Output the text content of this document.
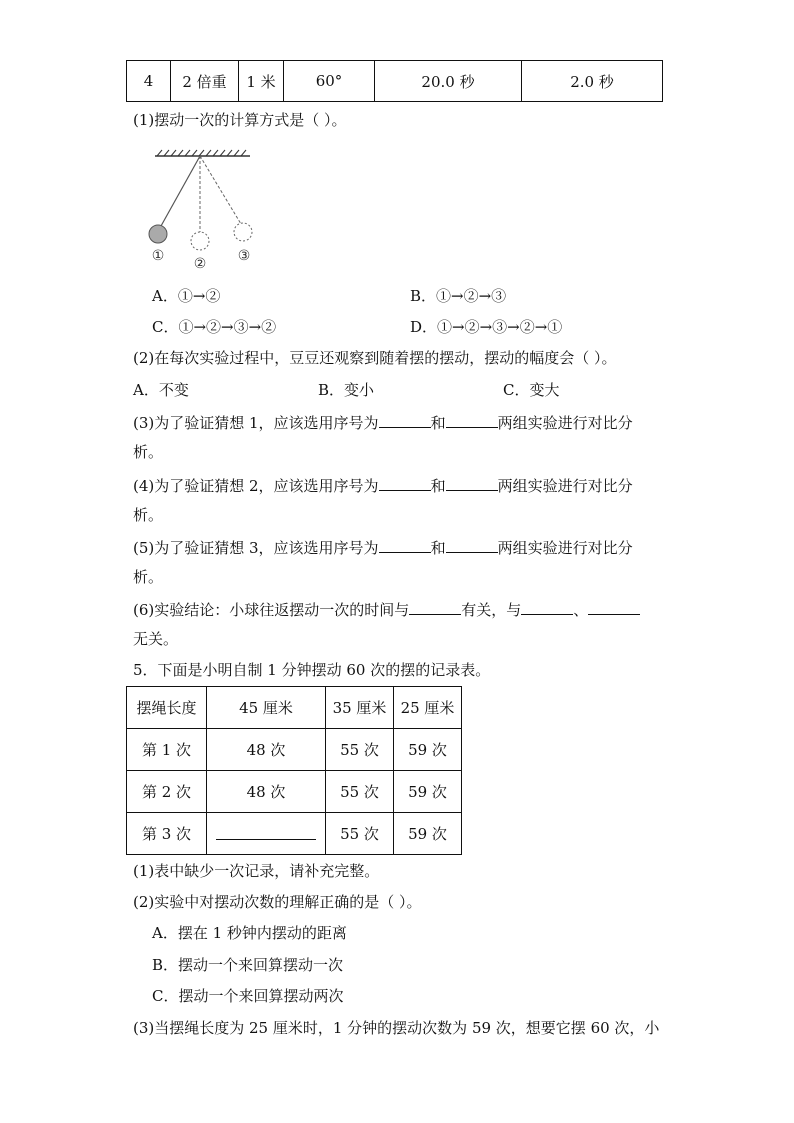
4	2 倍重	1 米	60°	20.0 秒	2.0 秒
(1)摆动一次的计算方式是（ ）。
① ② ③
A．①→②	B．①→②→③
C．①→②→③→②	D．①→②→③→②→①
(2)在每次实验过程中，豆豆还观察到随着摆的摆动，摆动的幅度会（ ）。
A．不变	B．变小	C．变大
(3)为了验证猜想 1，应该选用序号为	和	两组实验进行对比分
析。
(4)为了验证猜想 2，应该选用序号为	和	两组实验进行对比分
析。
(5)为了验证猜想 3，应该选用序号为	和	两组实验进行对比分
析。
(6)实验结论：小球往返摆动一次的时间与	有关，与	、
无关。
5．下面是小明自制 1 分钟摆动 60 次的摆的记录表。
摆绳长度	45 厘米	35 厘米	25 厘米
第 1 次	48 次	55 次	59 次
第 2 次	48 次	55 次	59 次
第 3 次		55 次	59 次
(1)表中缺少一次记录，请补充完整。
(2)实验中对摆动次数的理解正确的是（ ）。
A．摆在 1 秒钟内摆动的距离
B．摆动一个来回算摆动一次
C．摆动一个来回算摆动两次
(3)当摆绳长度为 25 厘米时，1 分钟的摆动次数为 59 次，想要它摆 60 次，小
